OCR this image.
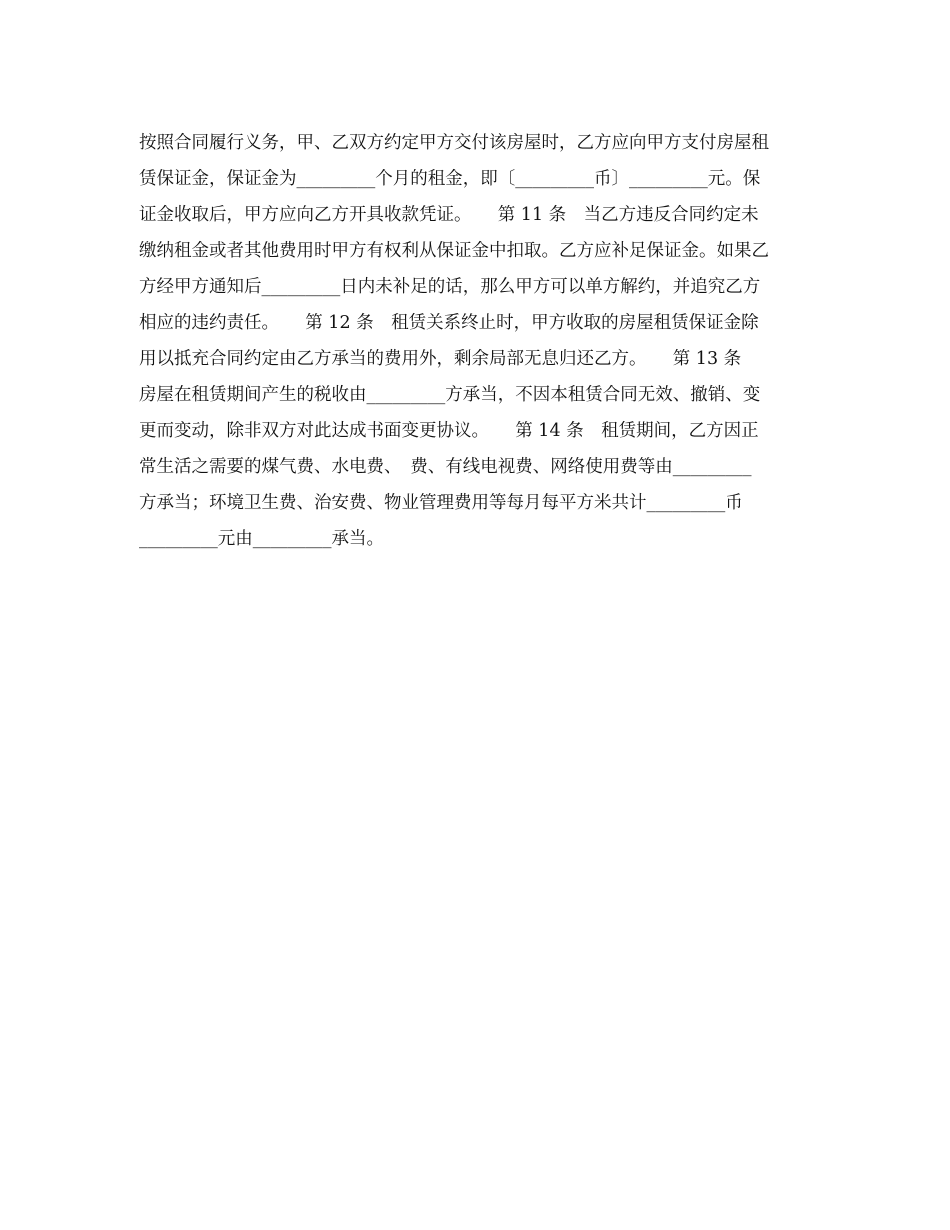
按照合同履行义务，甲、乙双方约定甲方交付该房屋时，乙方应向甲方支付房屋租
赁保证金，保证金为_________个月的租金，即〔_________币〕_________元。保
证金收取后，甲方应向乙方开具收款凭证。　　第 11 条　当乙方违反合同约定未
缴纳租金或者其他费用时甲方有权利从保证金中扣取。乙方应补足保证金。如果乙
方经甲方通知后_________日内未补足的话，那么甲方可以单方解约，并追究乙方
相应的违约责任。　　第 12 条　租赁关系终止时，甲方收取的房屋租赁保证金除
用以抵充合同约定由乙方承当的费用外，剩余局部无息归还乙方。　　第 13 条
房屋在租赁期间产生的税收由_________方承当，不因本租赁合同无效、撤销、变
更而变动，除非双方对此达成书面变更协议。　　第 14 条　租赁期间，乙方因正
常生活之需要的煤气费、水电费、　费、有线电视费、网络使用费等由_________
方承当；环境卫生费、治安费、物业管理费用等每月每平方米共计_________币
_________元由_________承当。
